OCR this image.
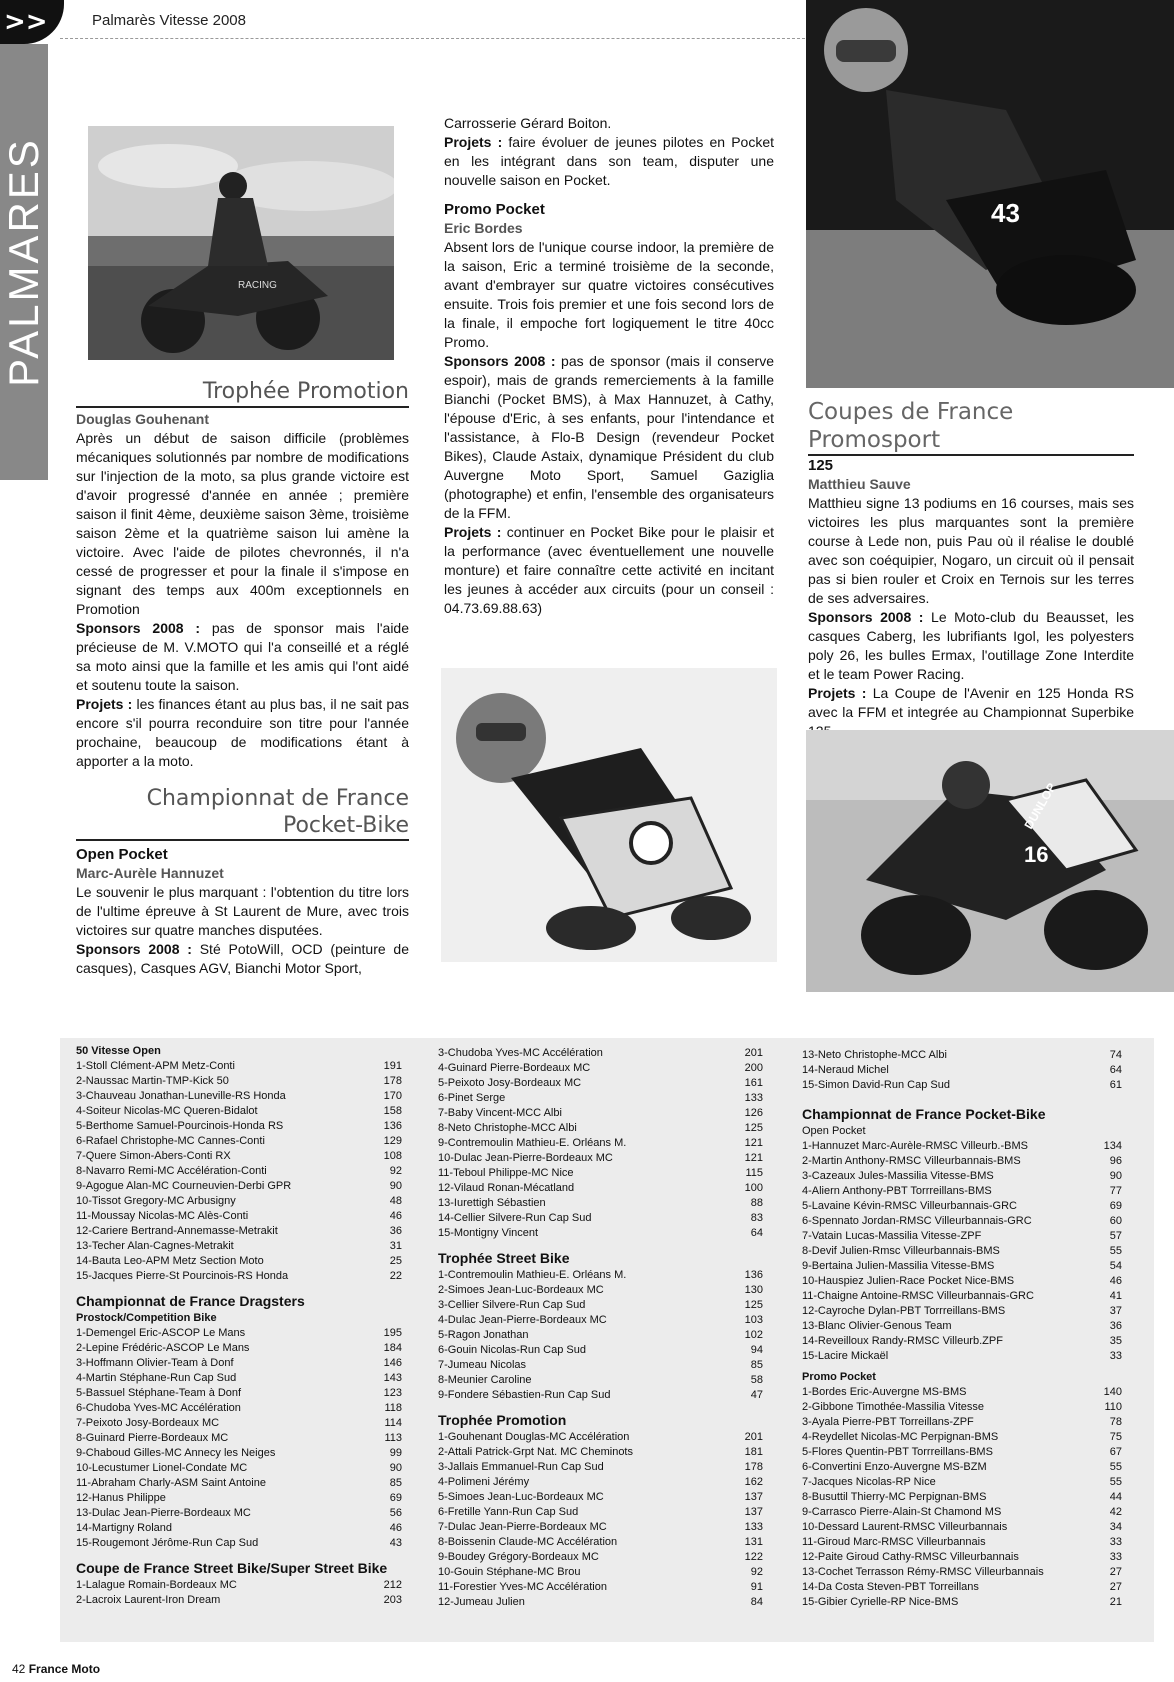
>>	Palmarès Vitesse 2008
PALMARES	RACING
Trophée Promotion
Douglas Gouhenant

Après un début de saison difficile (problèmes mécaniques solutionnés par nombre de modifications sur l'injection de la moto, sa plus grande victoire est d'avoir progressé d'année en année ; première saison il finit 4ème, deuxième saison 3ème, troisième saison 2ème et la quatrième saison lui amène la victoire. Avec l'aide de pilotes chevronnés, il n'a cessé de progresser et pour la finale il s'impose en signant des temps aux 400m exceptionnels en Promotion

Sponsors 2008 : pas de sponsor mais l'aide précieuse de M. V.MOTO qui l'a conseillé et a réglé sa moto ainsi que la famille et les amis qui l'ont aidé et soutenu toute la saison.

Projets : les finances étant au plus bas, il ne sait pas encore s'il pourra reconduire son titre pour l'année prochaine, beaucoup de modifications étant à apporter a la moto.

Championnat de France
Pocket-Bike
Open Pocket
Marc-Aurèle Hannuzet

Le souvenir le plus marquant : l'obtention du titre lors de l'ultime épreuve à St Laurent de Mure, avec trois victoires sur quatre manches disputées.

Sponsors 2008 : Sté PotoWill, OCD (peinture de casques), Casques AGV, Bianchi Motor Sport,

Carrosserie Gérard Boiton.

Projets : faire évoluer de jeunes pilotes en Pocket en les intégrant dans son team, disputer une nouvelle saison en Pocket.

Promo Pocket
Eric Bordes

Absent lors de l'unique course indoor, la première de la saison, Eric a terminé troisième de la seconde, avant d'embrayer sur quatre victoires consécutives ensuite. Trois fois premier et une fois second lors de la finale, il empoche fort logiquement le titre 40cc Promo.

Sponsors 2008 : pas de sponsor (mais il conserve espoir), mais de grands remerciements à la famille Bianchi (Pocket BMS), à Max Hannuzet, à Cathy, l'épouse d'Eric, à ses enfants, pour l'intendance et l'assistance, à Flo-B Design (revendeur Pocket Bikes), Claude Astaix, dynamique Président du club Auvergne Moto Sport, Samuel Gaziglia (photographe) et enfin, l'ensemble des organisateurs de la FFM.

Projets : continuer en Pocket Bike pour le plaisir et la performance (avec éventuellement une nouvelle monture) et faire connaître cette activité en incitant les jeunes à accéder aux circuits (pour un conseil : 04.73.69.88.63)

43
Coupes de France Promosport
125
Matthieu Sauve

Matthieu signe 13 podiums en 16 courses, mais ses victoires les plus marquantes sont la première course à Lede non, puis Pau où il réalise le doublé avec son coéquipier, Nogaro, un circuit où il pensait pas si bien rouler et Croix en Ternois sur les terres de ses adversaires.

Sponsors 2008 : Le Moto-club du Beausset, les casques Caberg, les lubrifiants Igol, les polyesters poly 26, les bulles Ermax, l'outillage Zone Interdite et le team Power Racing.

Projets : La Coupe de l'Avenir en 125 Honda RS avec la FFM et integrée au Championnat Superbike

DUNLOP
16
50 Vitesse Open
1-Stoll Clément-APM Metz-Conti	191
2-Naussac Martin-TMP-Kick 50	178
3-Chauveau Jonathan-Luneville-RS Honda	170
4-Soiteur Nicolas-MC Queren-Bidalot	158
5-Berthome Samuel-Pourcinois-Honda RS	136
6-Rafael Christophe-MC Cannes-Conti	129
7-Quere Simon-Abers-Conti RX	108
8-Navarro Remi-MC Accélération-Conti	92
9-Agogue Alan-MC Courneuvien-Derbi GPR	90
10-Tissot Gregory-MC Arbusigny	48
11-Moussay Nicolas-MC Alès-Conti	46
12-Cariere Bertrand-Annemasse-Metrakit	36
13-Techer Alan-Cagnes-Metrakit	31
14-Bauta Leo-APM Metz Section Moto	25
15-Jacques Pierre-St Pourcinois-RS Honda	22
Championnat de France Dragsters
Prostock/Competition Bike
1-Demengel Eric-ASCOP Le Mans	195
2-Lepine Frédéric-ASCOP Le Mans	184
3-Hoffmann Olivier-Team à Donf	146
4-Martin Stéphane-Run Cap Sud	143
5-Bassuel Stéphane-Team à Donf	123
6-Chudoba Yves-MC Accélération	118
7-Peixoto Josy-Bordeaux MC	114
8-Guinard Pierre-Bordeaux MC	113
9-Chaboud Gilles-MC Annecy les Neiges	99
10-Lecustumer Lionel-Condate MC	90
11-Abraham Charly-ASM Saint Antoine	85
12-Hanus Philippe	69
13-Dulac Jean-Pierre-Bordeaux MC	56
14-Martigny Roland	46
15-Rougemont Jérôme-Run Cap Sud	43
Coupe de France Street Bike/Super Street Bike
1-Lalague Romain-Bordeaux MC	212
2-Lacroix Laurent-Iron Dream	203
3-Chudoba Yves-MC Accélération	201
4-Guinard Pierre-Bordeaux MC	200
5-Peixoto Josy-Bordeaux MC	161
6-Pinet Serge	133
7-Baby Vincent-MCC Albi	126
8-Neto Christophe-MCC Albi	125
9-Contremoulin Mathieu-E. Orléans M.	121
10-Dulac Jean-Pierre-Bordeaux MC	121
11-Teboul Philippe-MC Nice	115
12-Vilaud Ronan-Mécatland	100
13-Iurettigh Sébastien	88
14-Cellier Silvere-Run Cap Sud	83
15-Montigny Vincent	64
Trophée Street Bike
1-Contremoulin Mathieu-E. Orléans M.	136
2-Simoes Jean-Luc-Bordeaux MC	130
3-Cellier Silvere-Run Cap Sud	125
4-Dulac Jean-Pierre-Bordeaux MC	103
5-Ragon Jonathan	102
6-Gouin Nicolas-Run Cap Sud	94
7-Jumeau Nicolas	85
8-Meunier Caroline	58
9-Fondere Sébastien-Run Cap Sud	47
Trophée Promotion
1-Gouhenant Douglas-MC Accélération	201
2-Attali Patrick-Grpt Nat. MC Cheminots	181
3-Jallais Emmanuel-Run Cap Sud	178
4-Polimeni Jérémy	162
5-Simoes Jean-Luc-Bordeaux MC	137
6-Fretille Yann-Run Cap Sud	137
7-Dulac Jean-Pierre-Bordeaux MC	133
8-Boissenin Claude-MC Accélération	131
9-Boudey Grégory-Bordeaux MC	122
10-Gouin Stéphane-MC Brou	92
11-Forestier Yves-MC Accélération	91
12-Jumeau Julien	84
13-Neto Christophe-MCC Albi	74
14-Neraud Michel	64
15-Simon David-Run Cap Sud	61
Championnat de France Pocket-Bike
Open Pocket
1-Hannuzet Marc-Aurèle-RMSC Villeurb.-BMS	134
2-Martin Anthony-RMSC Villeurbannais-BMS	96
3-Cazeaux Jules-Massilia Vitesse-BMS	90
4-Aliern Anthony-PBT Torrreillans-BMS	77
5-Lavaine Kévin-RMSC Villeurbannais-GRC	69
6-Spennato Jordan-RMSC Villeurbannais-GRC	60
7-Vatain Lucas-Massilia Vitesse-ZPF	57
8-Devif Julien-Rmsc Villeurbannais-BMS	55
9-Bertaina Julien-Massilia Vitesse-BMS	54
10-Hauspiez Julien-Race Pocket Nice-BMS	46
11-Chaigne Antoine-RMSC Villeurbannais-GRC	41
12-Cayroche Dylan-PBT Torrreillans-BMS	37
13-Blanc Olivier-Genous Team	36
14-Reveilloux Randy-RMSC Villeurb.ZPF	35
15-Lacire Mickaël	33
Promo Pocket
1-Bordes Eric-Auvergne MS-BMS	140
2-Gibbone Timothée-Massilia Vitesse	110
3-Ayala Pierre-PBT Torreillans-ZPF	78
4-Reydellet Nicolas-MC Perpignan-BMS	75
5-Flores Quentin-PBT Torrreillans-BMS	67
6-Convertini Enzo-Auvergne MS-BZM	55
7-Jacques Nicolas-RP Nice	55
8-Busuttil Thierry-MC Perpignan-BMS	44
9-Carrasco Pierre-Alain-St Chamond MS	42
10-Dessard Laurent-RMSC Villeurbannais	34
11-Giroud Marc-RMSC Villeurbannais	33
12-Paite Giroud Cathy-RMSC Villeurbannais	33
13-Cochet Terrasson Rémy-RMSC Villeurbannais	27
14-Da Costa Steven-PBT Torreillans	27
15-Gibier Cyrielle-RP Nice-BMS	21
42 France Moto
